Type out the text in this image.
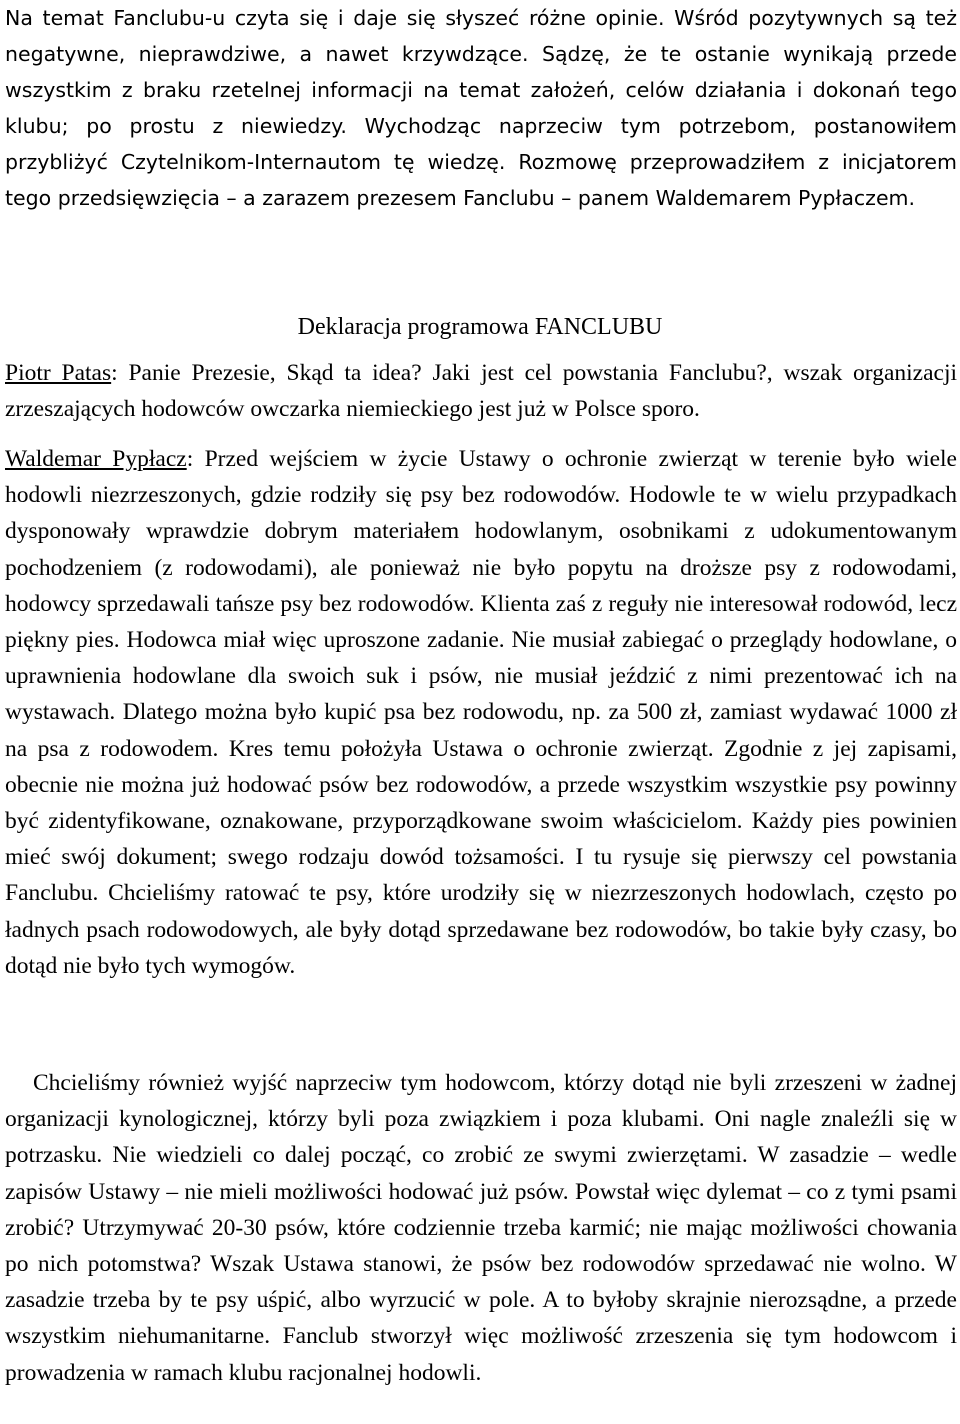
Na temat Fanclubu-u czyta się i daje się słyszeć różne opinie. Wśród pozytywnych są też negatywne, nieprawdziwe, a nawet krzywdzące. Sądzę, że te ostanie wynikają przede wszystkim z braku rzetelnej informacji na temat założeń, celów działania i dokonań tego klubu; po prostu z niewiedzy. Wychodząc naprzeciw tym potrzebom, postanowiłem przybliżyć Czytelnikom-Internautom tę wiedzę. Rozmowę przeprowadziłem z inicjatorem tego przedsięwzięcia – a zarazem prezesem Fanclubu – panem Waldemarem Pypłaczem.

Deklaracja programowa FANCLUBU

Piotr Patas: Panie Prezesie, Skąd ta idea? Jaki jest cel powstania Fanclubu?, wszak organizacji zrzeszających hodowców owczarka niemieckiego jest już w Polsce sporo.

Waldemar Pypłacz: Przed wejściem w życie Ustawy o ochronie zwierząt w terenie było wiele hodowli niezrzeszonych, gdzie rodziły się psy bez rodowodów. Hodowle te w wielu przypadkach dysponowały wprawdzie dobrym materiałem hodowlanym, osobnikami z udokumentowanym pochodzeniem (z rodowodami), ale ponieważ nie było popytu na droższe psy z rodowodami, hodowcy sprzedawali tańsze psy bez rodowodów. Klienta zaś z reguły nie interesował rodowód, lecz piękny pies. Hodowca miał więc uproszone zadanie. Nie musiał zabiegać o przeglądy hodowlane, o uprawnienia hodowlane dla swoich suk i psów, nie musiał jeździć z nimi prezentować ich na wystawach. Dlatego można było kupić psa bez rodowodu, np. za 500 zł, zamiast wydawać 1000 zł na psa z rodowodem. Kres temu położyła Ustawa o ochronie zwierząt. Zgodnie z jej zapisami, obecnie nie można już hodować psów bez rodowodów, a przede wszystkim wszystkie psy powinny być zidentyfikowane, oznakowane, przyporządkowane swoim właścicielom. Każdy pies powinien mieć swój dokument; swego rodzaju dowód tożsamości. I tu rysuje się pierwszy cel powstania Fanclubu. Chcieliśmy ratować te psy, które urodziły się w niezrzeszonych hodowlach, często po ładnych psach rodowodowych, ale były dotąd sprzedawane bez rodowodów, bo takie były czasy, bo dotąd nie było tych wymogów.

Chcieliśmy również wyjść naprzeciw tym hodowcom, którzy dotąd nie byli zrzeszeni w żadnej organizacji kynologicznej, którzy byli poza związkiem i poza klubami. Oni nagle znaleźli się w potrzasku. Nie wiedzieli co dalej począć, co zrobić ze swymi zwierzętami. W zasadzie – wedle zapisów Ustawy – nie mieli możliwości hodować już psów. Powstał więc dylemat – co z tymi psami zrobić? Utrzymywać 20-30 psów, które codziennie trzeba karmić; nie mając możliwości chowania po nich potomstwa? Wszak Ustawa stanowi, że psów bez rodowodów sprzedawać nie wolno. W zasadzie trzeba by te psy uśpić, albo wyrzucić w pole. A to byłoby skrajnie nierozsądne, a przede wszystkim niehumanitarne. Fanclub stworzył więc możliwość zrzeszenia się tym hodowcom i prowadzenia w ramach klubu racjonalnej hodowli.
